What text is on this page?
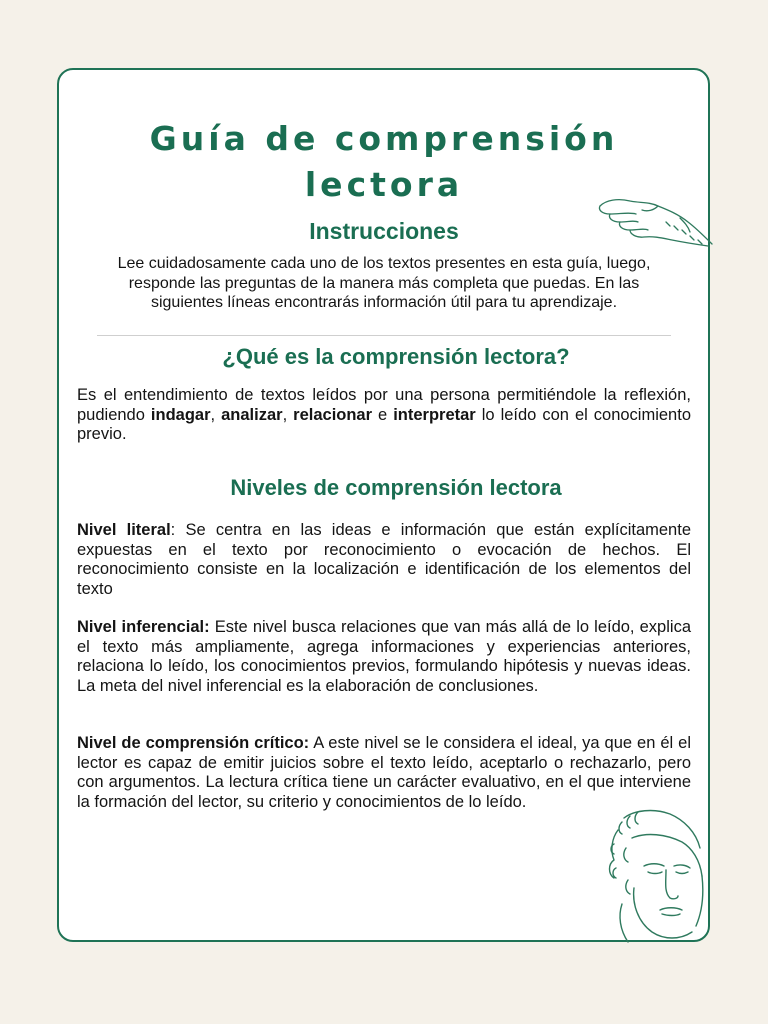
Guía de comprensión
lectora
Instrucciones

Lee cuidadosamente cada uno de los textos presentes en esta guía, luego, responde las preguntas de la manera más completa que puedas. En las siguientes líneas encontrarás información útil para tu aprendizaje.

¿Qué es la comprensión lectora?

Es el entendimiento de textos leídos por una persona permitiéndole la reflexión, pudiendo indagar, analizar, relacionar e interpretar lo leído con el conocimiento previo.

Niveles de comprensión lectora

Nivel literal: Se centra en las ideas e información que están explícitamente expuestas en el texto por reconocimiento o evocación de hechos. El reconocimiento consiste en la localización e identificación de los elementos del texto

Nivel inferencial: Este nivel busca relaciones que van más allá de lo leído, explica el texto más ampliamente, agrega informaciones y experiencias anteriores, relaciona lo leído, los conocimientos previos, formulando hipótesis y nuevas ideas. La meta del nivel inferencial es la elaboración de conclusiones.

Nivel de comprensión crítico: A este nivel se le considera el ideal, ya que en él el lector es capaz de emitir juicios sobre el texto leído, aceptarlo o rechazarlo, pero con argumentos. La lectura crítica tiene un carácter evaluativo, en el que interviene la formación del lector, su criterio y conocimientos de lo leído.
